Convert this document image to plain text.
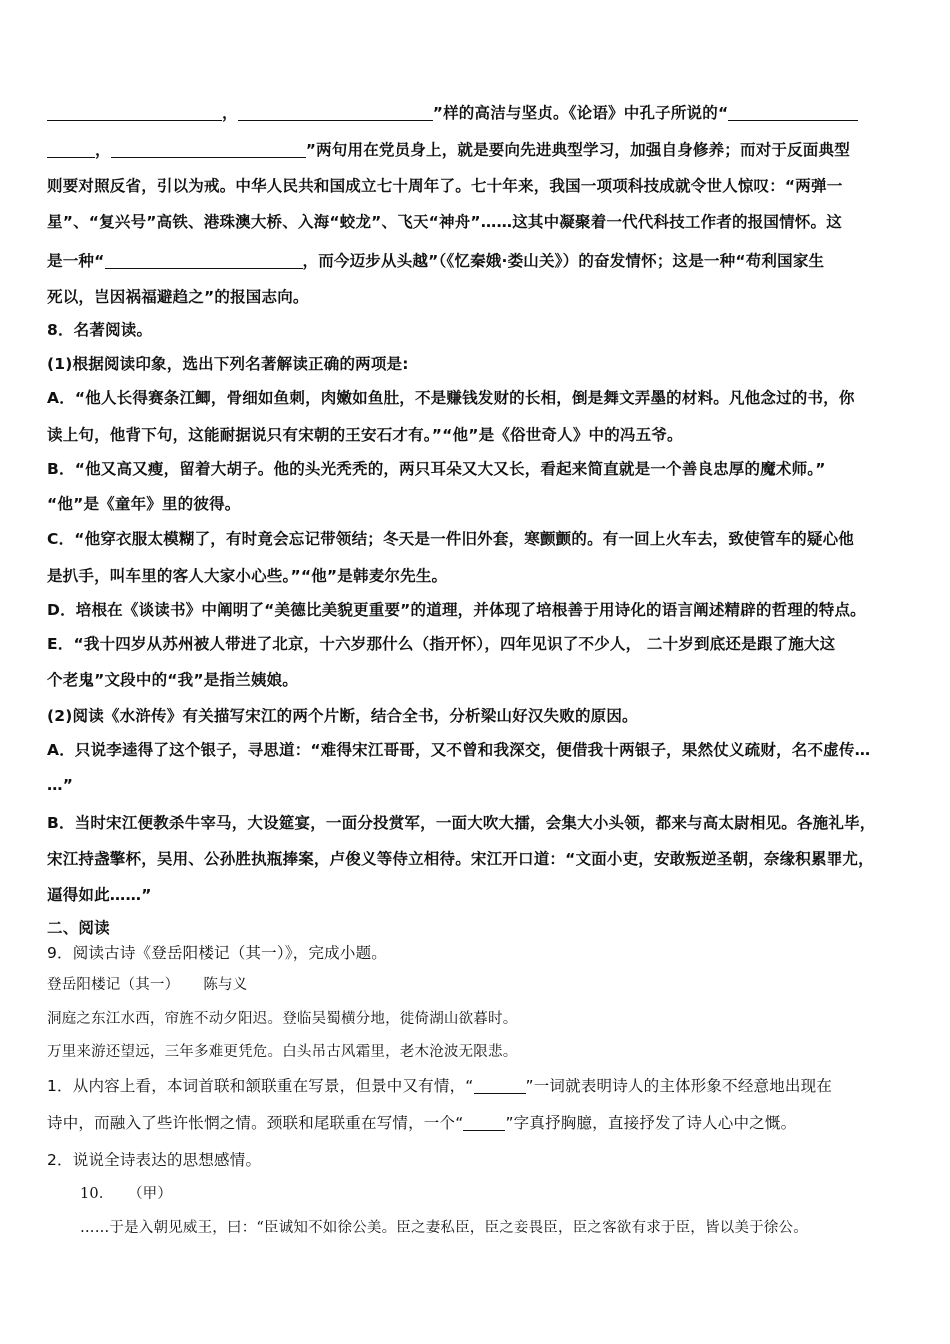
，	”样的高洁与坚贞。《论语》中孔子所说的“
，	”两句用在党员身上，就是要向先进典型学习，加强自身修养；而对于反面典型
则要对照反省，引以为戒。中华人民共和国成立七十周年了。七十年来，我国一项项科技成就令世人惊叹：“两弹一
星”、“复兴号”高铁、港珠澳大桥、入海“蛟龙”、飞天“神舟”……这其中凝聚着一代代科技工作者的报国情怀。这
是一种“	，而今迈步从头越”（《忆秦娥·娄山关》）的奋发情怀；这是一种“苟利国家生
死以，岂因祸福避趋之”的报国志向。
8．名著阅读。
(1)根据阅读印象，选出下列名著解读正确的两项是:
A．“他人长得赛条江鲫，骨细如鱼刺，肉嫩如鱼肚，不是赚钱发财的长相，倒是舞文弄墨的材料。凡他念过的书，你
读上句，他背下句，这能耐据说只有宋朝的王安石才有。”“他”是《俗世奇人》中的冯五爷。
B．“他又高又瘦，留着大胡子。他的头光秃秃的，两只耳朵又大又长，看起来简直就是一个善良忠厚的魔术师。”
“他”是《童年》里的彼得。
C．“他穿衣服太模糊了，有时竟会忘记带领结；冬天是一件旧外套，寒颤颤的。有一回上火车去，致使管车的疑心他
是扒手，叫车里的客人大家小心些。”“他”是韩麦尔先生。
D．培根在《谈读书》中阐明了“美德比美貌更重要”的道理，并体现了培根善于用诗化的语言阐述精辟的哲理的特点。
E．“我十四岁从苏州被人带进了北京，十六岁那什么（指开怀），四年见识了不少人， 二十岁到底还是跟了施大这
个老鬼”文段中的“我”是指兰姨娘。
(2)阅读《水浒传》有关描写宋江的两个片断，结合全书，分析梁山好汉失败的原因。
A．只说李逵得了这个银子，寻思道：“难得宋江哥哥，又不曾和我深交，便借我十两银子，果然仗义疏财，名不虚传…
…”
B．当时宋江便教杀牛宰马，大设筵宴，一面分投赏军，一面大吹大擂，会集大小头领，都来与高太尉相见。各施礼毕，
宋江持盏擎杯，吴用、公孙胜执瓶捧案，卢俊义等侍立相待。宋江开口道：“文面小吏，安敢叛逆圣朝，奈缘积累罪尤，
逼得如此……”
二、阅读
9．阅读古诗《登岳阳楼记（其一）》，完成小题。
登岳阳楼记（其一）     陈与义
洞庭之东江水西，帘旌不动夕阳迟。登临吴蜀横分地，徙倚湖山欲暮时。
万里来游还望远，三年多难更凭危。白头吊古风霜里，老木沧波无限悲。
1．从内容上看，本词首联和颔联重在写景，但景中又有情，“	”一词就表明诗人的主体形象不经意地出现在
诗中，而融入了些许怅惘之情。颈联和尾联重在写情，一个“	”字真抒胸臆，直接抒发了诗人心中之慨。
2．说说全诗表达的思想感情。
10．   （甲）
……于是入朝见威王，曰：“臣诚知不如徐公美。臣之妻私臣，臣之妾畏臣，臣之客欲有求于臣，皆以美于徐公。
